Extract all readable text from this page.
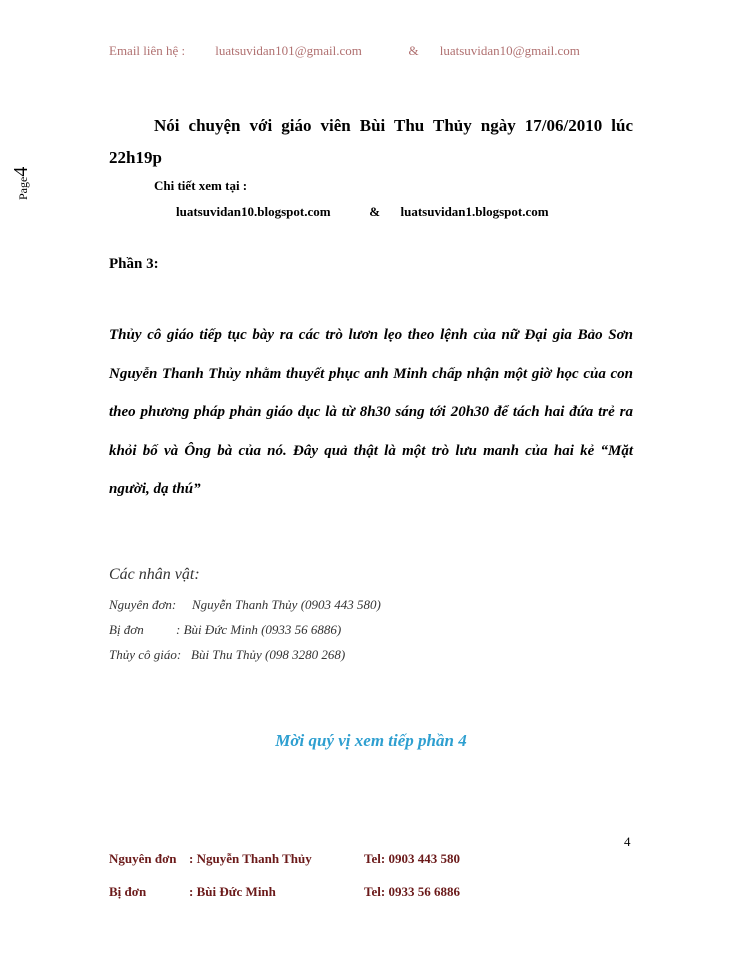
Email liên hệ : luatsuvidan101@gmail.com	& luatsuvidan10@gmail.com
Page4
Nói chuyện với giáo viên Bùi Thu Thủy ngày 17/06/2010 lúc 22h19p
Chi tiết xem tại :
luatsuvidan10.blogspot.com	& luatsuvidan1.blogspot.com
Phần 3:
Thủy cô giáo tiếp tục bày ra các trò lươn lẹo theo lệnh của nữ Đại gia Bảo Sơn Nguyễn Thanh Thủy nhằm thuyết phục anh Minh chấp nhận một giờ học của con theo phương pháp phản giáo dục là từ 8h30 sáng tới 20h30 để tách hai đứa trẻ ra khỏi bố và Ông bà của nó. Đây quả thật là một trò lưu manh của hai kẻ “Mặt người, dạ thú”
Các nhân vật:
Nguyên đơn: Nguyễn Thanh Thủy (0903 443 580)
Bị đơn : Bùi Đức Minh (0933 56 6886)
Thủy cô giáo: Bùi Thu Thủy (098 3280 268)
Mời quý vị xem tiếp phần 4
4
Nguyên đơn : Nguyễn Thanh Thủy	Tel: 0903 443 580
Bị đơn	: Bùi Đức Minh	Tel: 0933 56 6886
